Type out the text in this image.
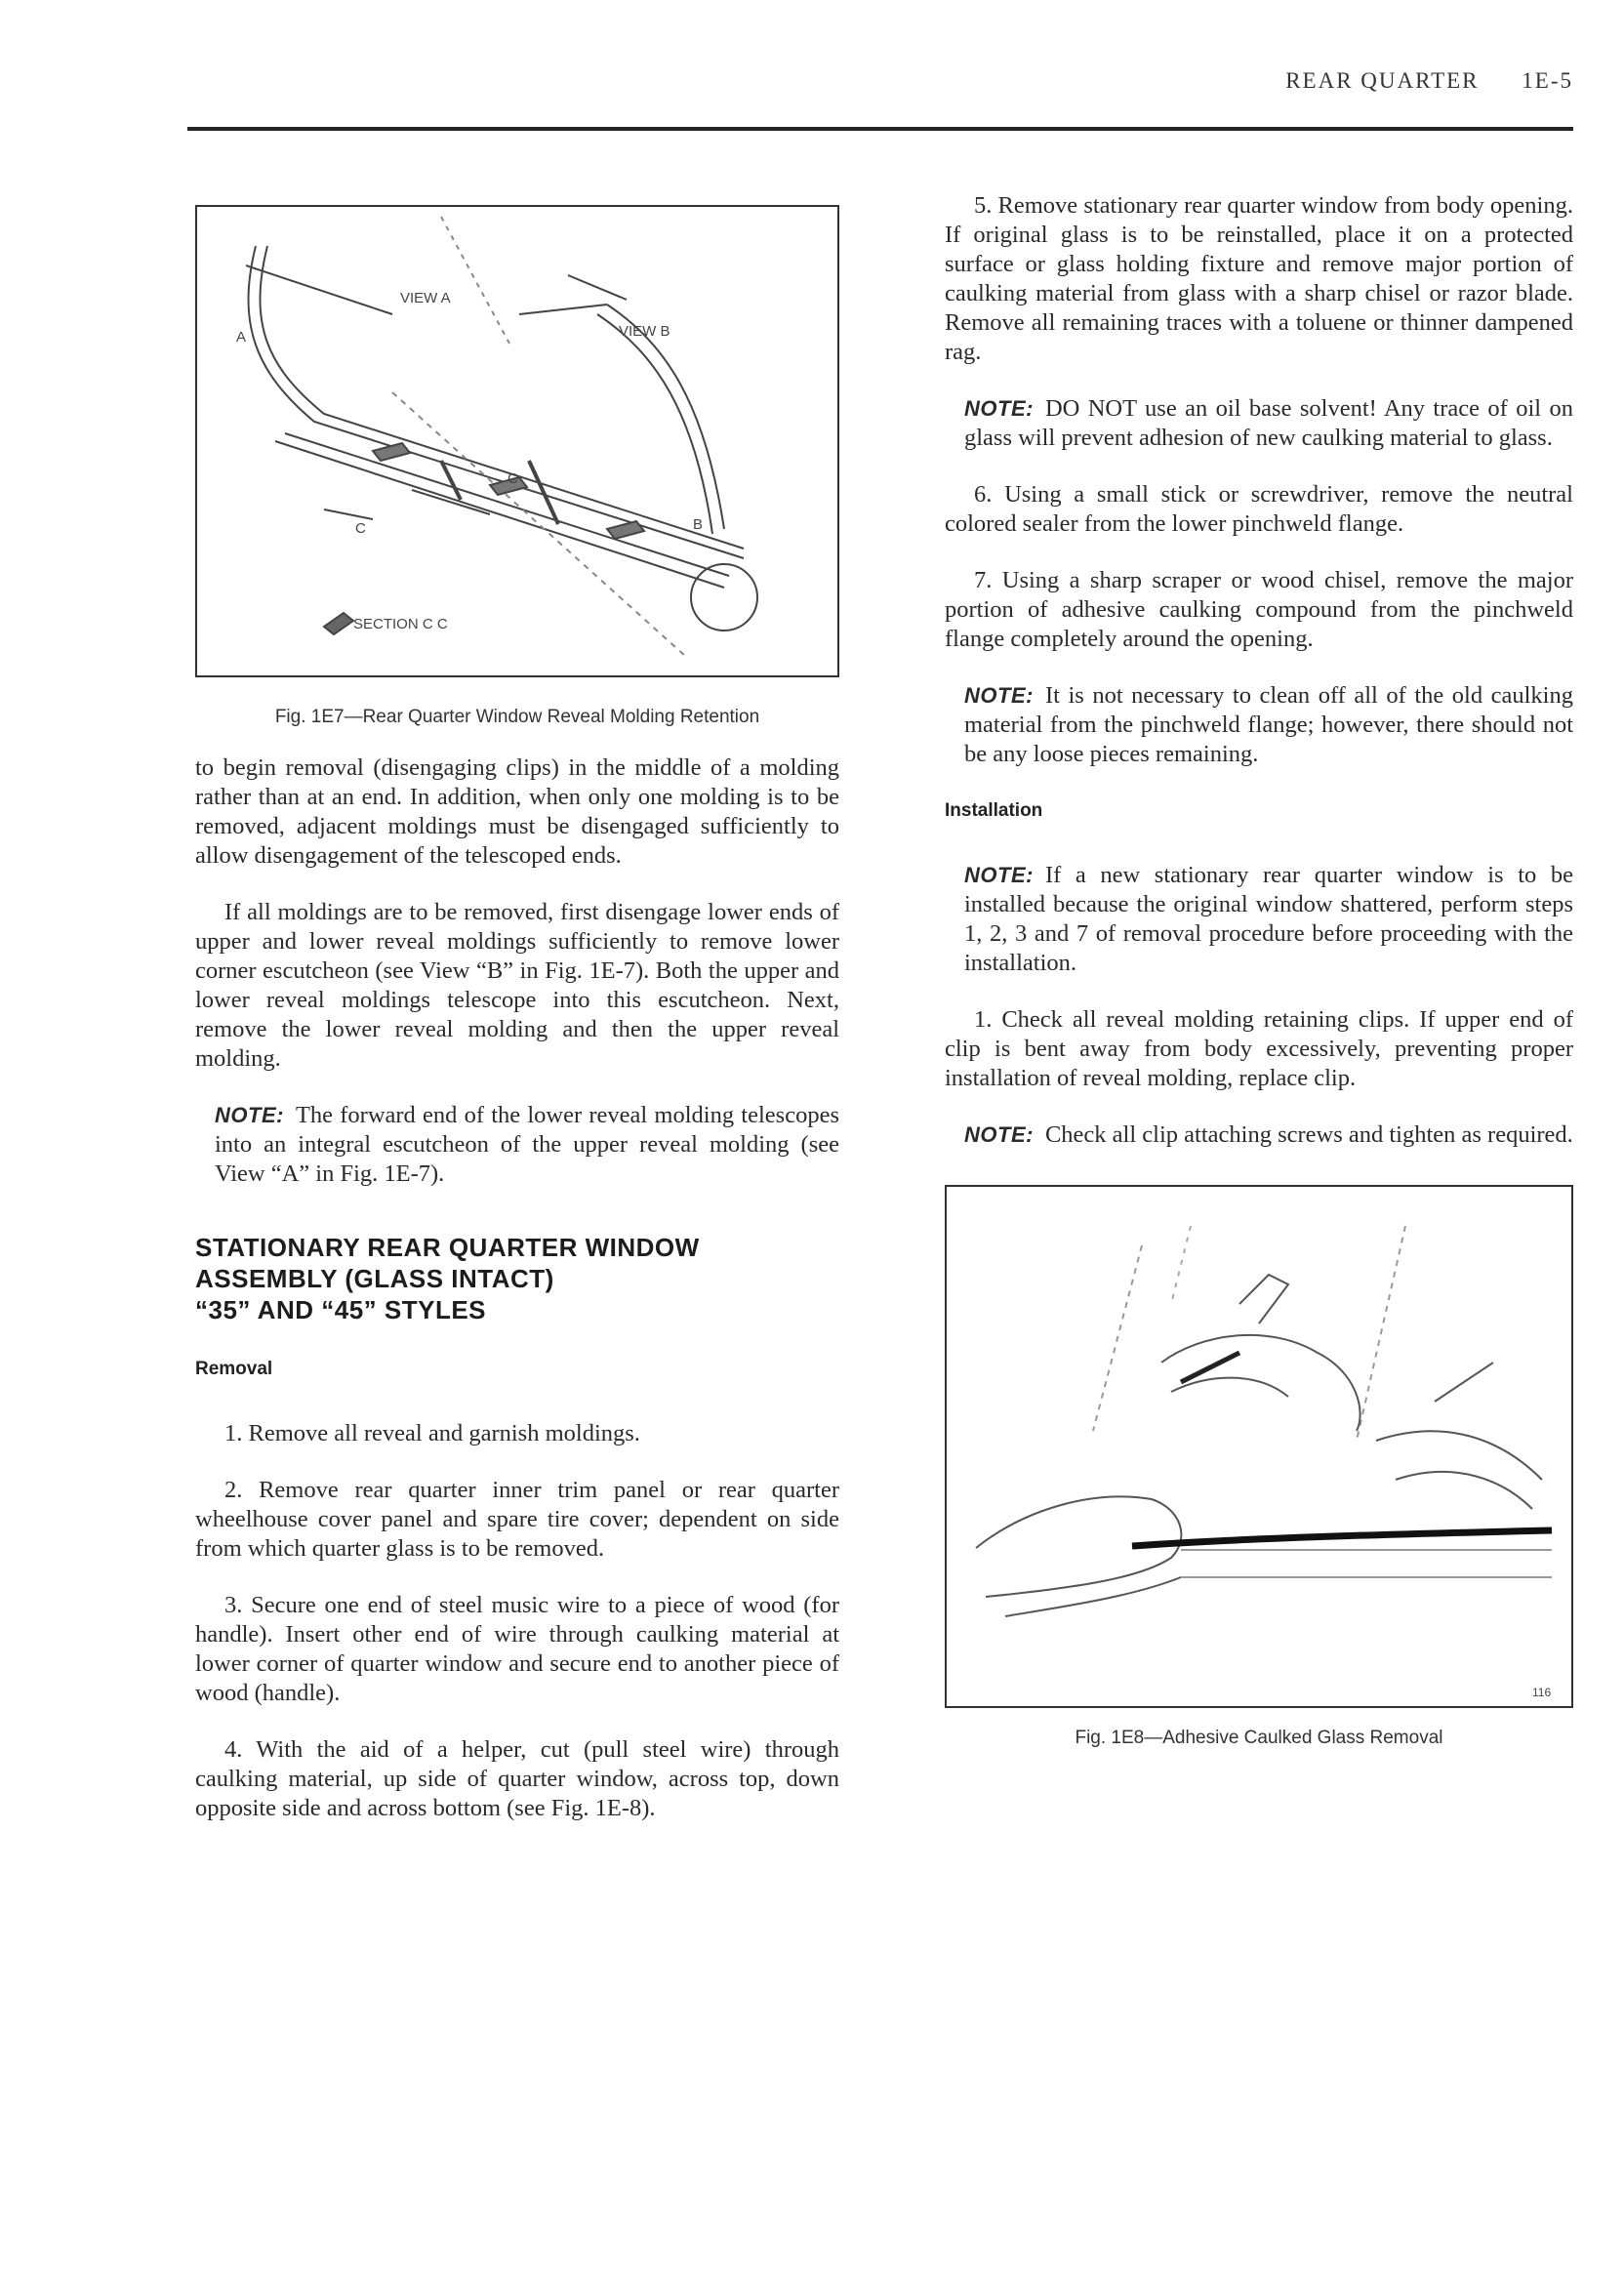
REAR QUARTER 1E-5
VIEW A
VIEW B
A
C
C	B
SECTION C C
Fig. 1E7—Rear Quarter Window Reveal Molding Retention

to begin removal (disengaging clips) in the middle of a molding rather than at an end. In addition, when only one molding is to be removed, adjacent moldings must be disengaged sufficiently to allow disengagement of the telescoped ends.

If all moldings are to be removed, first disengage lower ends of upper and lower reveal moldings sufficiently to remove lower corner escutcheon (see View “B” in Fig. 1E-7). Both the upper and lower reveal moldings telescope into this escutcheon. Next, remove the lower reveal molding and then the upper reveal molding.

NOTE: The forward end of the lower reveal molding telescopes into an integral escutcheon of the upper reveal molding (see View “A” in Fig. 1E-7).

STATIONARY REAR QUARTER WINDOW
ASSEMBLY (GLASS INTACT)
“35” AND “45” STYLES
Removal

1. Remove all reveal and garnish moldings.

2. Remove rear quarter inner trim panel or rear quarter wheelhouse cover panel and spare tire cover; dependent on side from which quarter glass is to be removed.

3. Secure one end of steel music wire to a piece of wood (for handle). Insert other end of wire through caulking material at lower corner of quarter window and secure end to another piece of wood (handle).

4. With the aid of a helper, cut (pull steel wire) through caulking material, up side of quarter window, across top, down opposite side and across bottom (see Fig. 1E-8).

5. Remove stationary rear quarter window from body opening. If original glass is to be reinstalled, place it on a protected surface or glass holding fixture and remove major portion of caulking material from glass with a sharp chisel or razor blade. Remove all remaining traces with a toluene or thinner dampened rag.

NOTE: DO NOT use an oil base solvent! Any trace of oil on glass will prevent adhesion of new caulking material to glass.

6. Using a small stick or screwdriver, remove the neutral colored sealer from the lower pinchweld flange.

7. Using a sharp scraper or wood chisel, remove the major portion of adhesive caulking compound from the pinchweld flange completely around the opening.

NOTE: It is not necessary to clean off all of the old caulking material from the pinchweld flange; however, there should not be any loose pieces remaining.

Installation

NOTE: If a new stationary rear quarter window is to be installed because the original window shattered, perform steps 1, 2, 3 and 7 of removal procedure before proceeding with the installation.

1. Check all reveal molding retaining clips. If upper end of clip is bent away from body excessively, preventing proper installation of reveal molding, replace clip.

NOTE: Check all clip attaching screws and tighten as required.

116
Fig. 1E8—Adhesive Caulked Glass Removal
